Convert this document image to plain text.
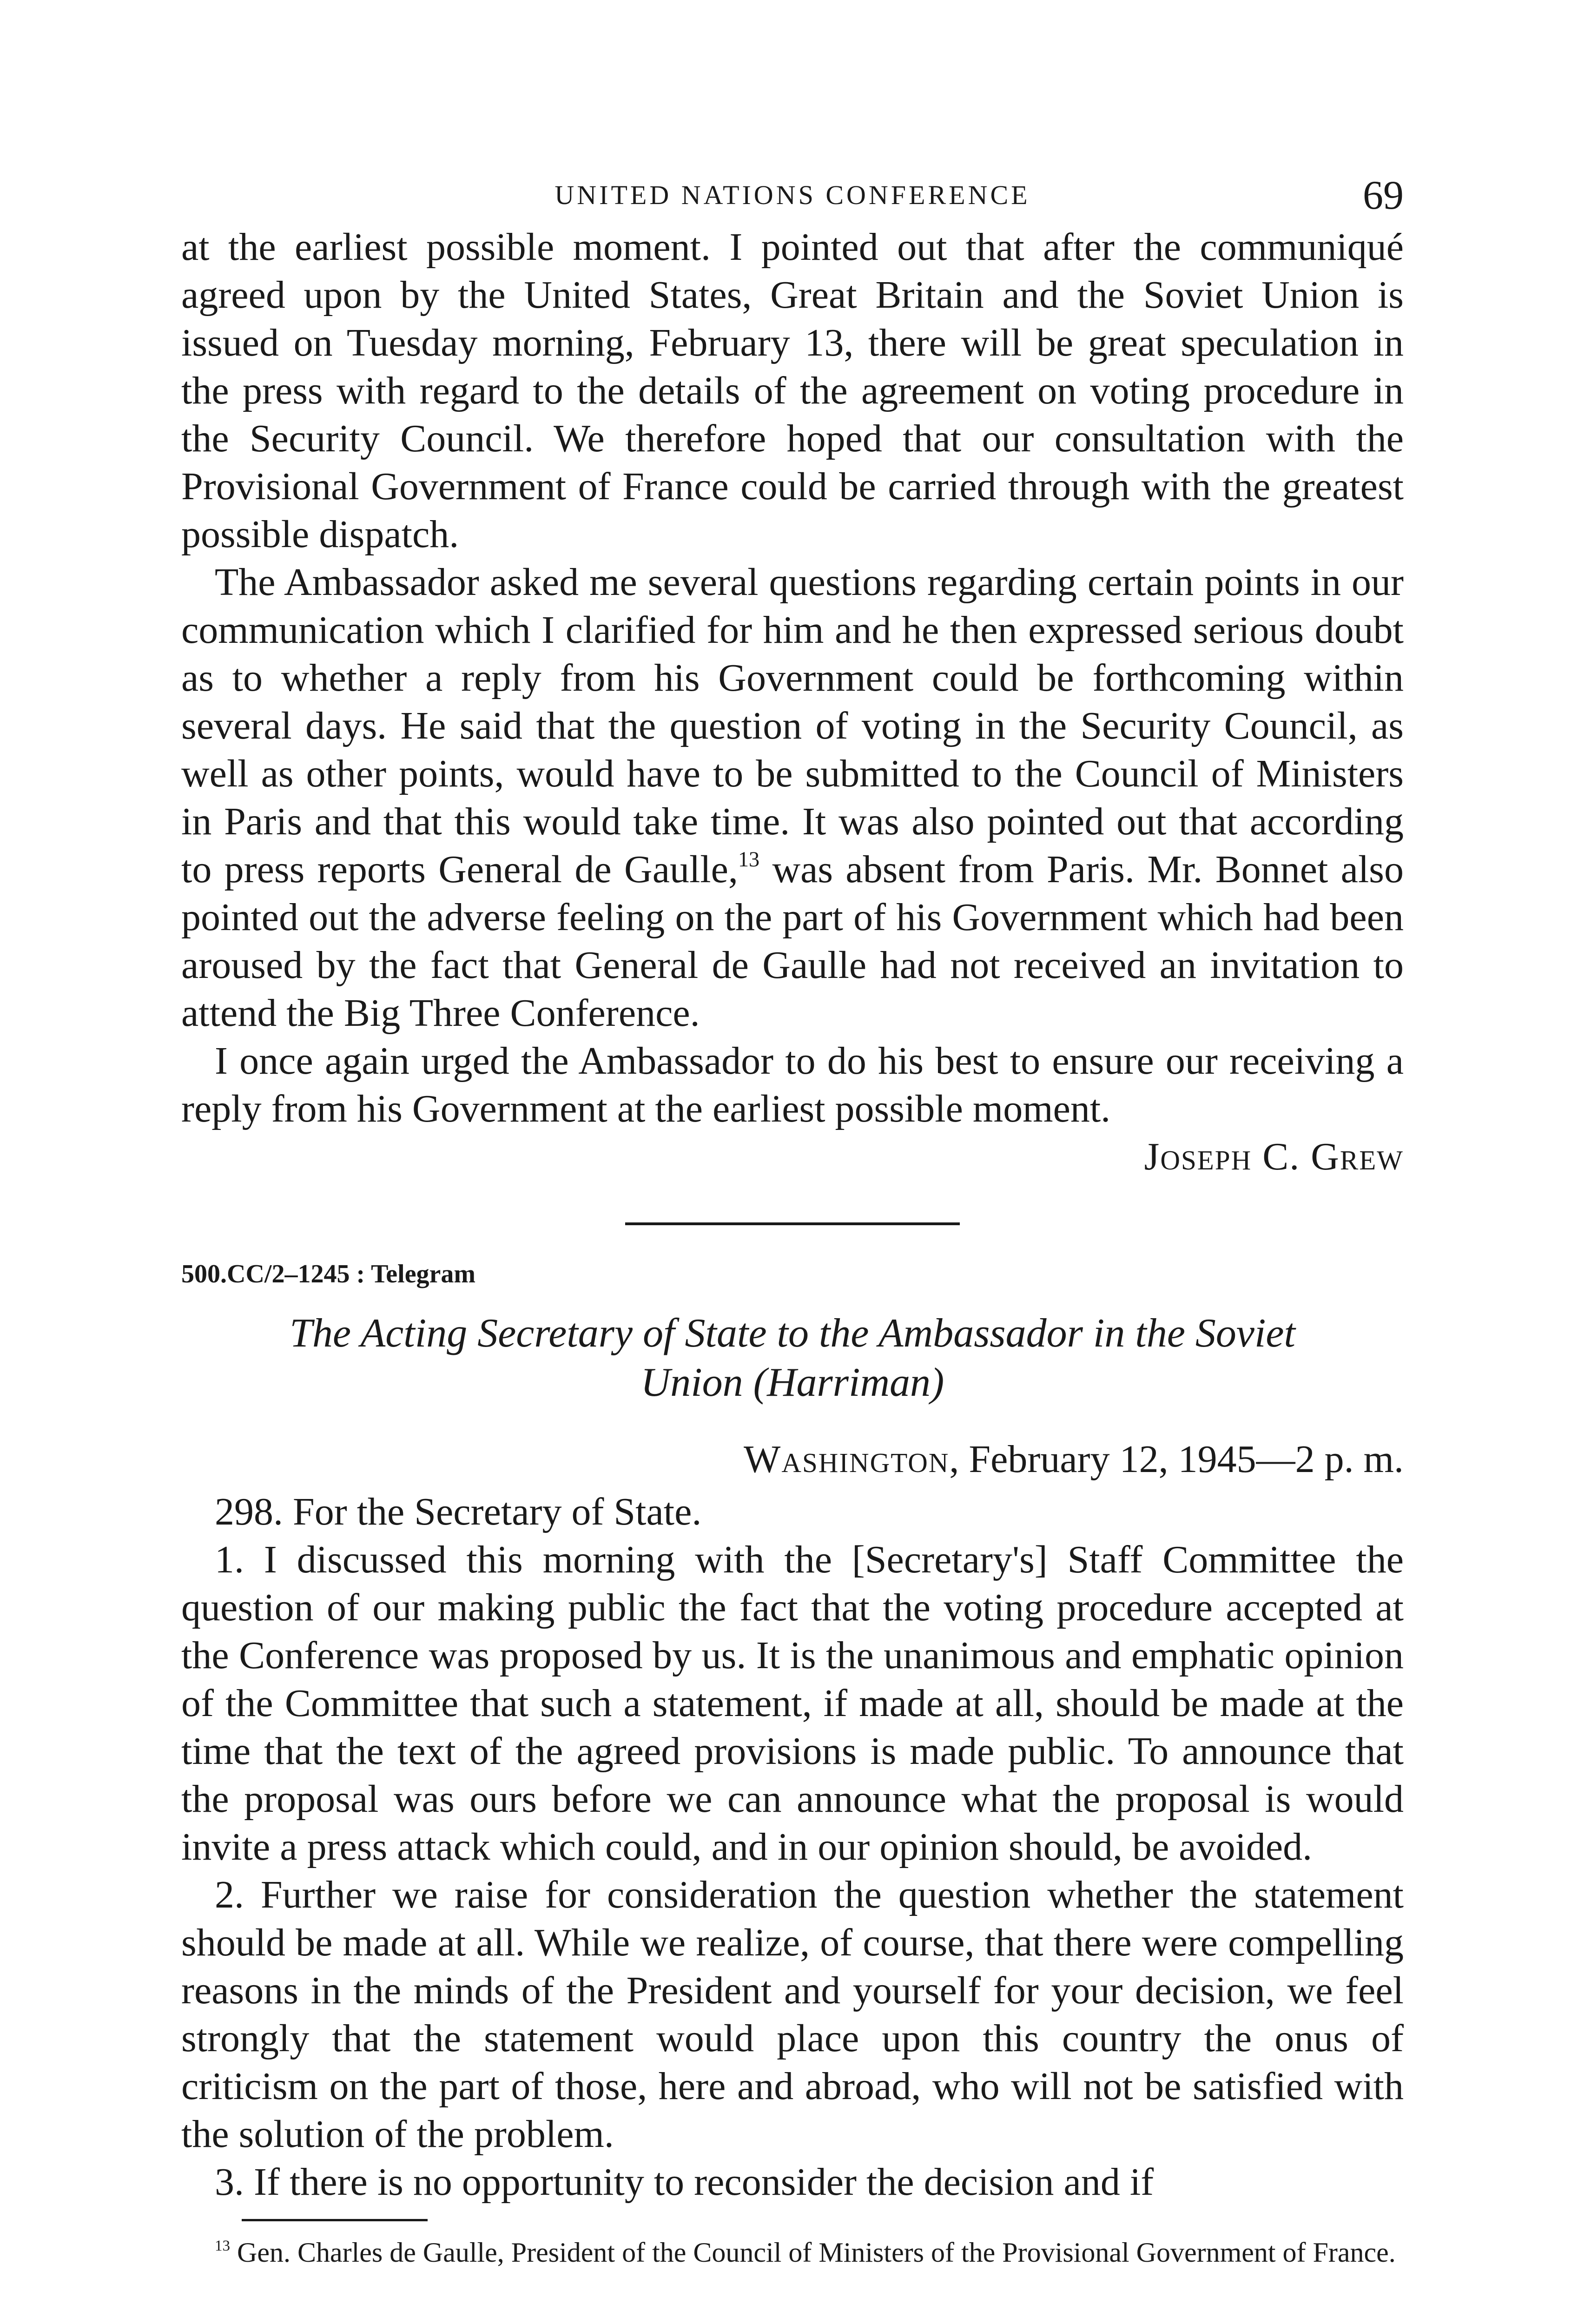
UNITED NATIONS CONFERENCE	69

at the earliest possible moment. I pointed out that after the communiqué agreed upon by the United States, Great Britain and the Soviet Union is issued on Tuesday morning, February 13, there will be great speculation in the press with regard to the details of the agreement on voting procedure in the Security Council. We therefore hoped that our consultation with the Provisional Government of France could be carried through with the greatest possible dispatch.

The Ambassador asked me several questions regarding certain points in our communication which I clarified for him and he then expressed serious doubt as to whether a reply from his Government could be forthcoming within several days. He said that the question of voting in the Security Council, as well as other points, would have to be submitted to the Council of Ministers in Paris and that this would take time. It was also pointed out that according to press reports General de Gaulle,$^{13}$ was absent from Paris. Mr. Bonnet also pointed out the adverse feeling on the part of his Government which had been aroused by the fact that General de Gaulle had not received an invitation to attend the Big Three Conference.

I once again urged the Ambassador to do his best to ensure our receiving a reply from his Government at the earliest possible moment.

Joseph C. Grew
500.CC/2–1245 : Telegram
The Acting Secretary of State to the Ambassador in the Soviet Union (Harriman)
Washington, February 12, 1945—2 p. m.

298. For the Secretary of State.

1. I discussed this morning with the [Secretary's] Staff Committee the question of our making public the fact that the voting procedure accepted at the Conference was proposed by us. It is the unanimous and emphatic opinion of the Committee that such a statement, if made at all, should be made at the time that the text of the agreed provisions is made public. To announce that the proposal was ours before we can announce what the proposal is would invite a press attack which could, and in our opinion should, be avoided.

2. Further we raise for consideration the question whether the statement should be made at all. While we realize, of course, that there were compelling reasons in the minds of the President and yourself for your decision, we feel strongly that the statement would place upon this country the onus of criticism on the part of those, here and abroad, who will not be satisfied with the solution of the problem.

3. If there is no opportunity to reconsider the decision and if

$^{13}$ Gen. Charles de Gaulle, President of the Council of Ministers of the Provisional Government of France.
